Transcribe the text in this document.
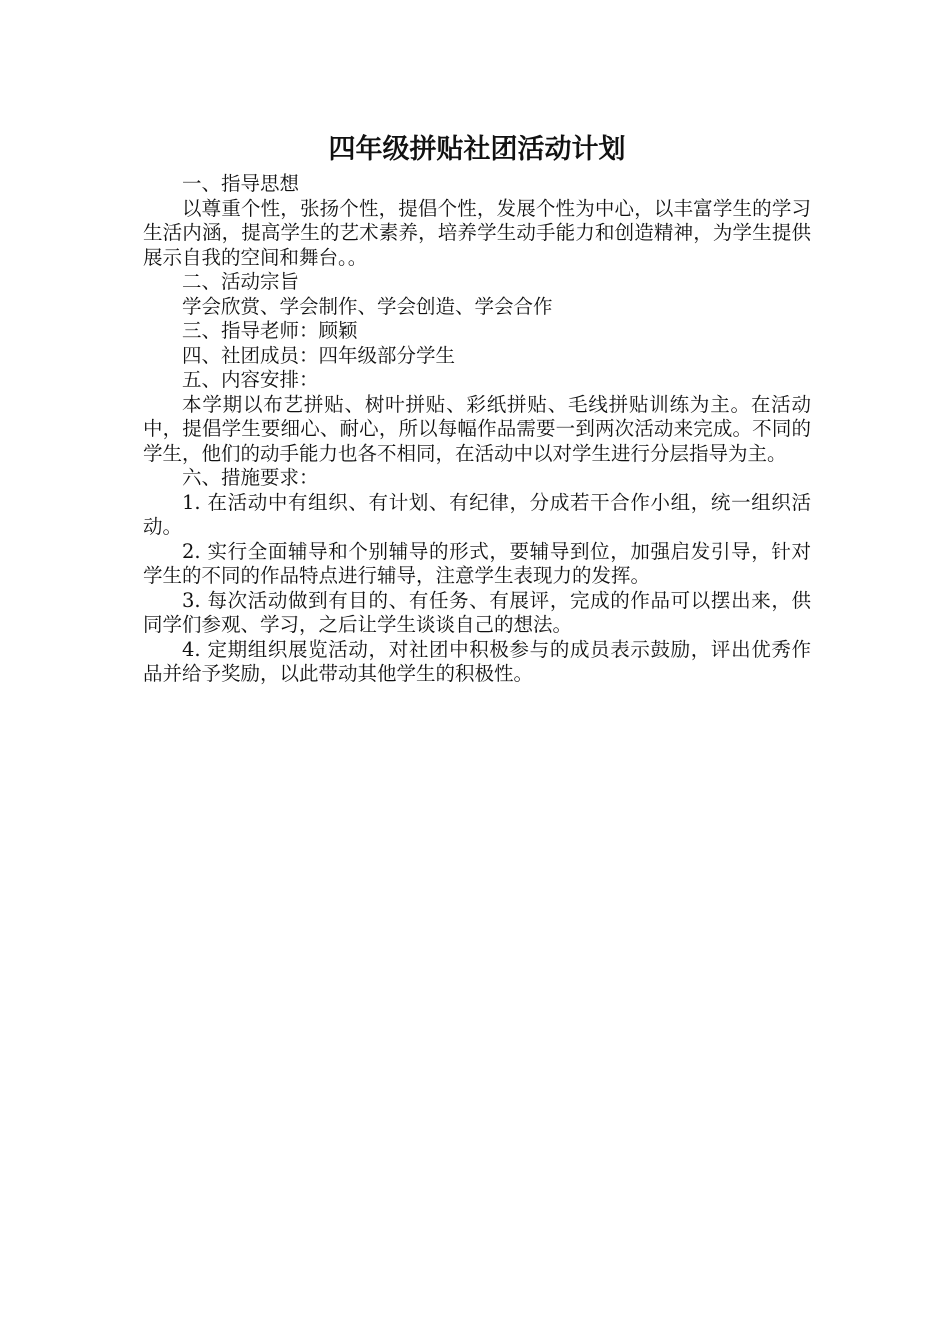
四年级拼贴社团活动计划

一、指导思想

以尊重个性，张扬个性，提倡个性，发展个性为中心，以丰富学生的学习生活内涵，提高学生的艺术素养，培养学生动手能力和创造精神，为学生提供展示自我的空间和舞台。。

二、活动宗旨

学会欣赏、学会制作、学会创造、学会合作

三、指导老师：顾颖

四、社团成员：四年级部分学生

五、内容安排：

本学期以布艺拼贴、树叶拼贴、彩纸拼贴、毛线拼贴训练为主。在活动中，提倡学生要细心、耐心，所以每幅作品需要一到两次活动来完成。不同的学生，他们的动手能力也各不相同，在活动中以对学生进行分层指导为主。

六、措施要求：

1. 在活动中有组织、有计划、有纪律，分成若干合作小组，统一组织活动。

2. 实行全面辅导和个别辅导的形式，要辅导到位，加强启发引导，针对学生的不同的作品特点进行辅导，注意学生表现力的发挥。

3. 每次活动做到有目的、有任务、有展评，完成的作品可以摆出来，供同学们参观、学习，之后让学生谈谈自己的想法。

4. 定期组织展览活动，对社团中积极参与的成员表示鼓励，评出优秀作品并给予奖励，以此带动其他学生的积极性。
